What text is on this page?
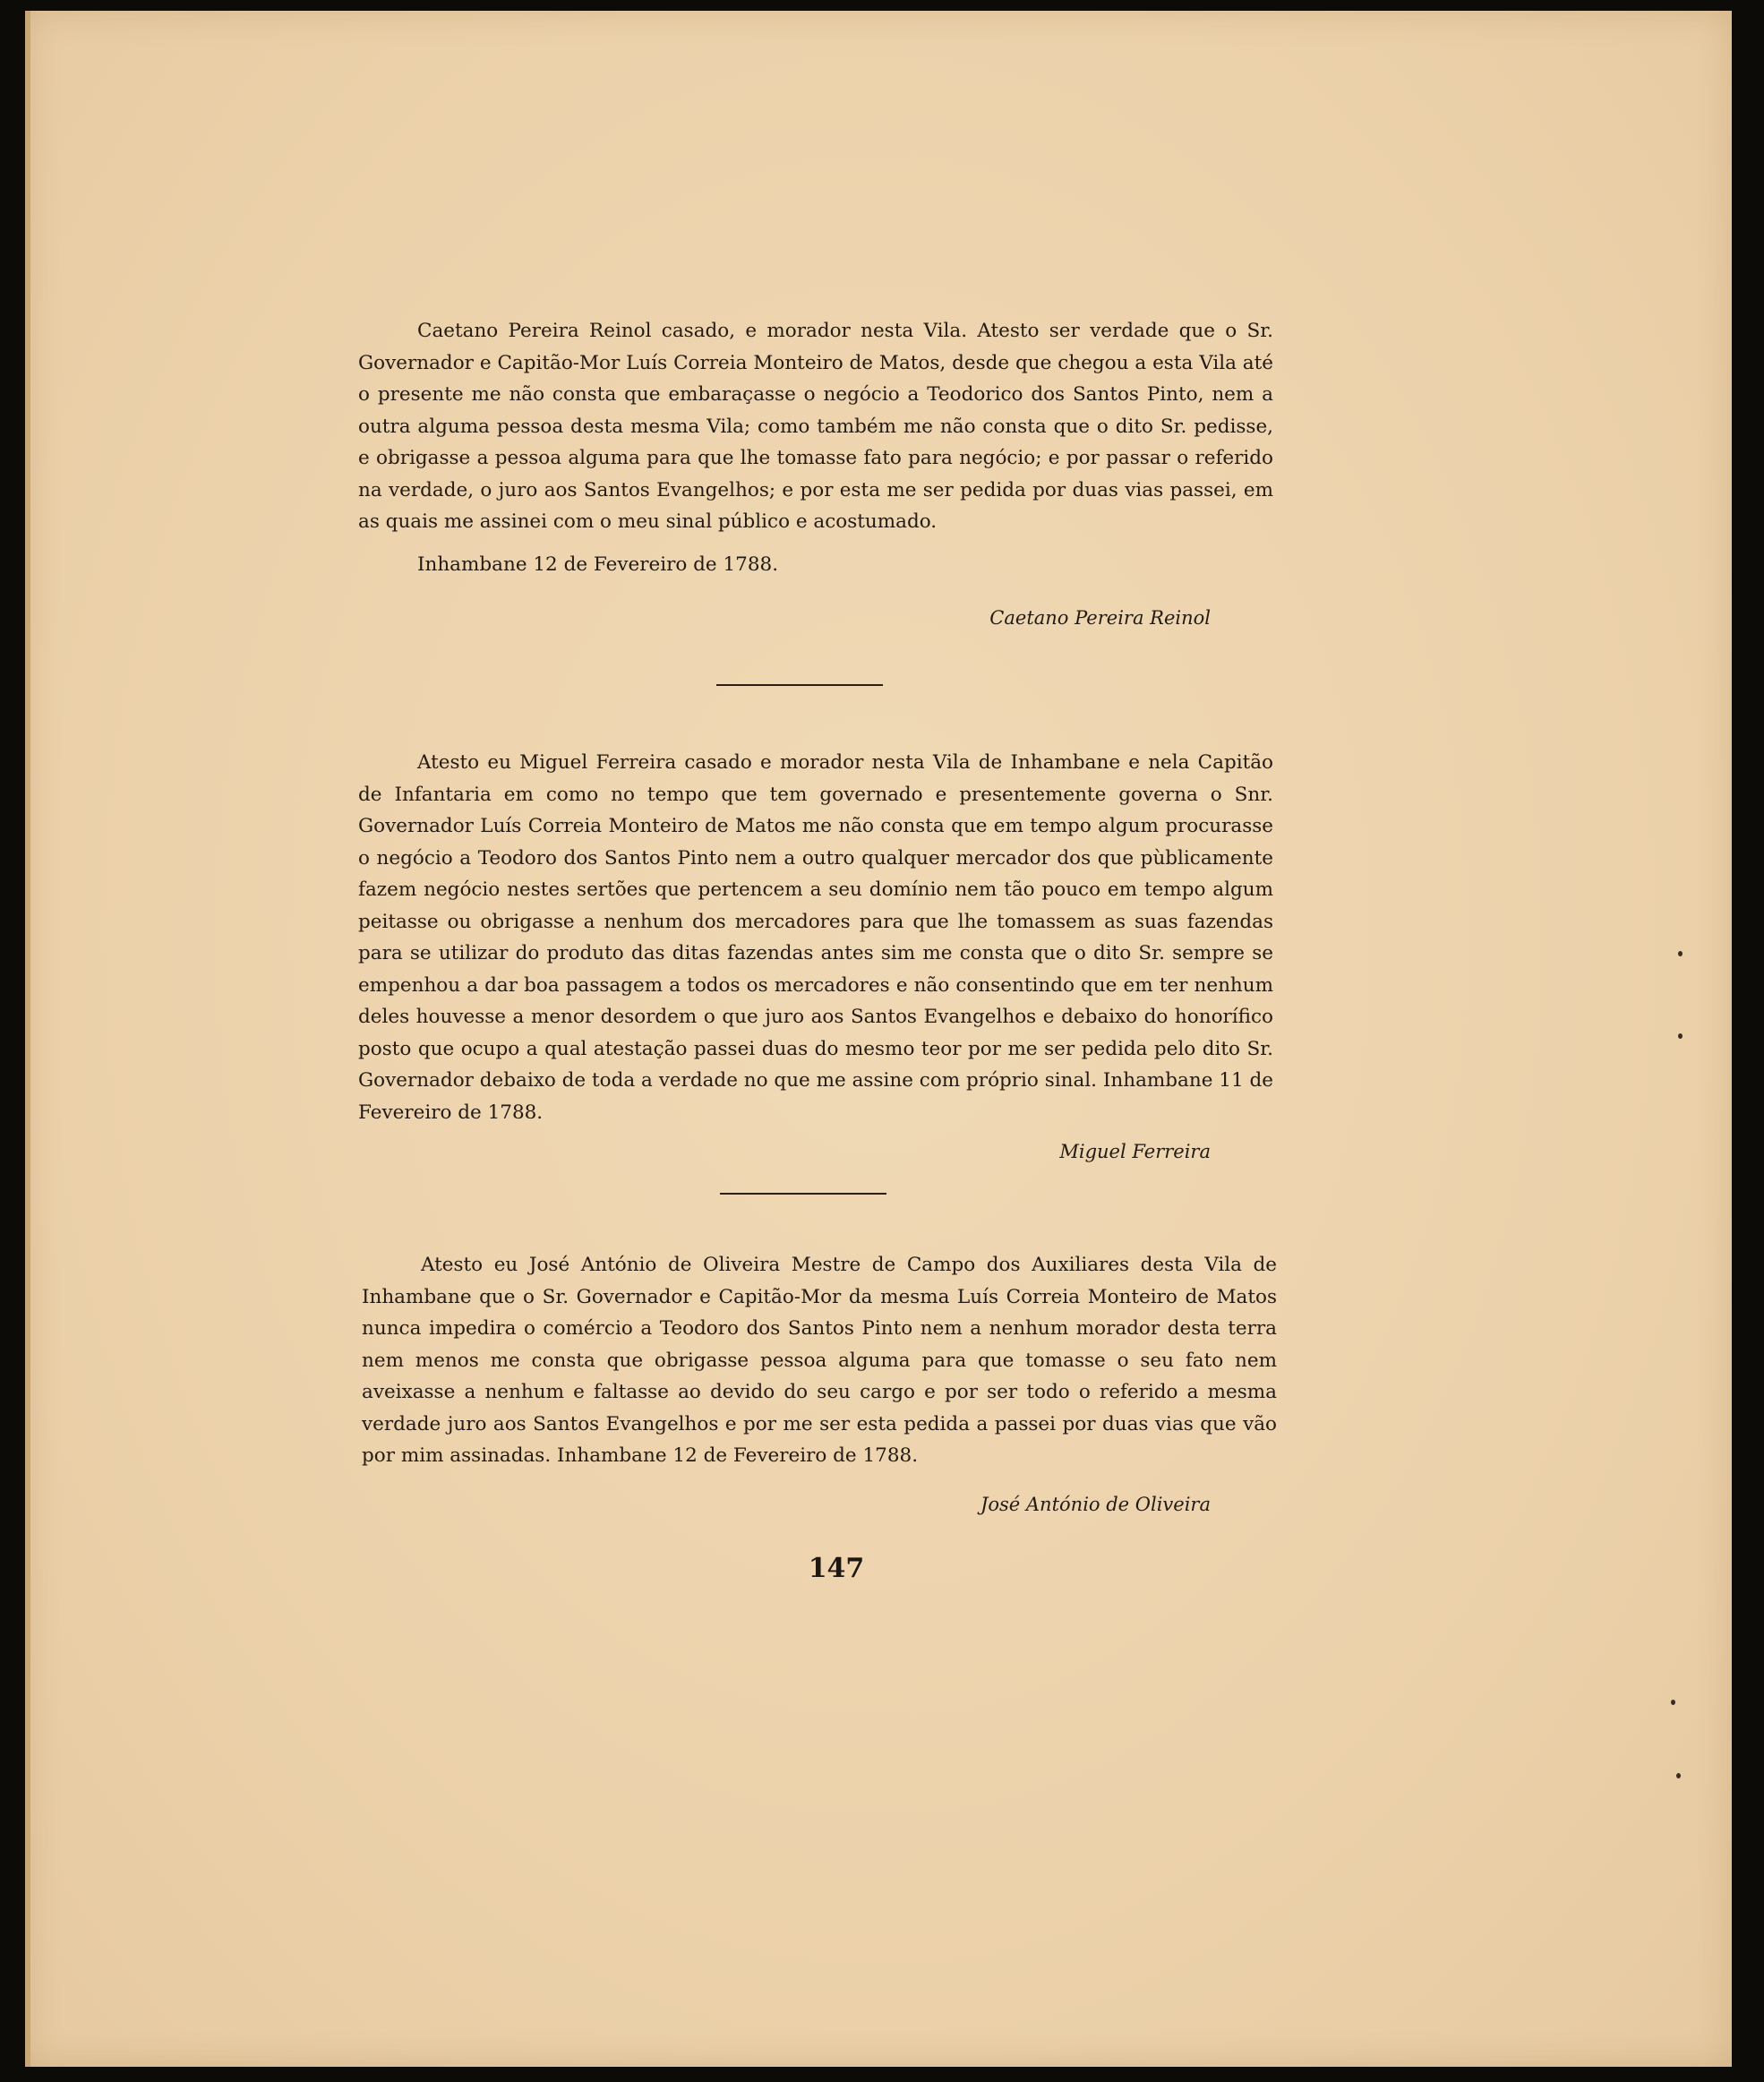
Caetano Pereira Reinol casado, e morador nesta Vila. Atesto ser verdade que o Sr. Governador e Capitão-Mor Luís Correia Monteiro de Matos, desde que chegou a esta Vila até o presente me não consta que embaraçasse o negócio a Teodorico dos Santos Pinto, nem a outra alguma pessoa desta mesma Vila; como também me não consta que o dito Sr. pedisse, e obrigasse a pessoa alguma para que lhe tomasse fato para negócio; e por passar o referido na verdade, o juro aos Santos Evangelhos; e por esta me ser pedida por duas vias passei, em as quais me assinei com o meu sinal público e acostumado.

Inhambane 12 de Fevereiro de 1788.

Caetano Pereira Reinol

Atesto eu Miguel Ferreira casado e morador nesta Vila de Inhambane e nela Capitão de Infantaria em como no tempo que tem governado e presentemente governa o Snr. Governador Luís Correia Monteiro de Matos me não consta que em tempo algum procurasse o negócio a Teodoro dos Santos Pinto nem a outro qualquer mercador dos que pùblicamente fazem negócio nestes sertões que pertencem a seu domínio nem tão pouco em tempo algum peitasse ou obrigasse a nenhum dos mercadores para que lhe tomassem as suas fazendas para se utilizar do produto das ditas fazendas antes sim me consta que o dito Sr. sempre se empenhou a dar boa passagem a todos os mercadores e não consentindo que em ter nenhum deles houvesse a menor desordem o que juro aos Santos Evangelhos e debaixo do honorífico posto que ocupo a qual atestação passei duas do mesmo teor por me ser pedida pelo dito Sr. Governador debaixo de toda a verdade no que me assine com próprio sinal. Inhambane 11 de Fevereiro de 1788.

Miguel Ferreira

Atesto eu José António de Oliveira Mestre de Campo dos Auxiliares desta Vila de Inhambane que o Sr. Governador e Capitão-Mor da mesma Luís Correia Monteiro de Matos nunca impedira o comércio a Teodoro dos Santos Pinto nem a nenhum morador desta terra nem menos me consta que obrigasse pessoa alguma para que tomasse o seu fato nem aveixasse a nenhum e faltasse ao devido do seu cargo e por ser todo o referido a mesma verdade juro aos Santos Evangelhos e por me ser esta pedida a passei por duas vias que vão por mim assinadas. Inhambane 12 de Fevereiro de 1788.

José António de Oliveira
147
